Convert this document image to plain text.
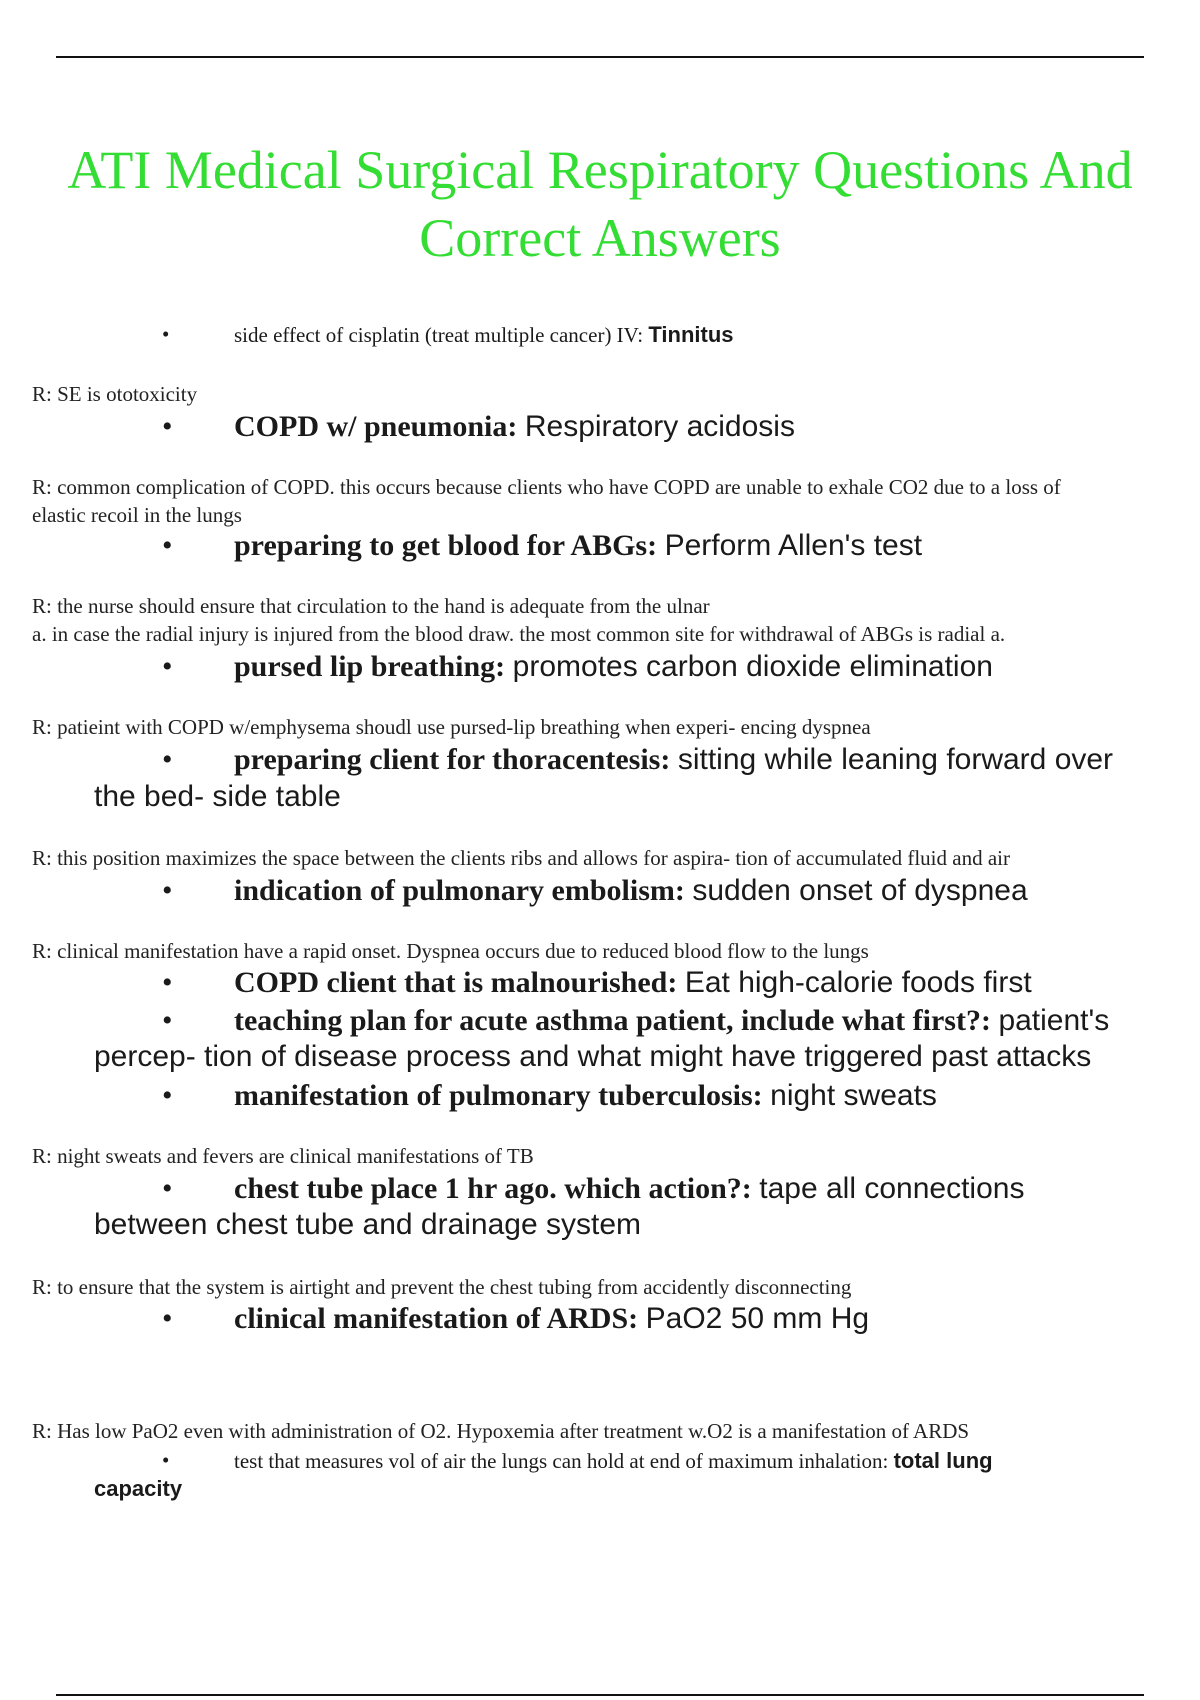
ATI Medical Surgical Respiratory Questions And
Correct Answers
•	side effect of cisplatin (treat multiple cancer) IV: Tinnitus
R: SE is ototoxicity
• COPD w/ pneumonia: Respiratory acidosis
R: common complication of COPD. this occurs because clients who have COPD are unable to exhale CO2 due to a loss of
elastic recoil in the lungs
• preparing to get blood for ABGs: Perform Allen's test
R: the nurse should ensure that circulation to the hand is adequate from the ulnar
a. in case the radial injury is injured from the blood draw. the most common site for withdrawal of ABGs is radial a.
• pursed lip breathing: promotes carbon dioxide elimination
R: patieint with COPD w/emphysema shoudl use pursed-lip breathing when experi- encing dyspnea
• preparing client for thoracentesis: sitting while leaning forward over
the bed- side table
R: this position maximizes the space between the clients ribs and allows for aspira- tion of accumulated fluid and air
• indication of pulmonary embolism: sudden onset of dyspnea
R: clinical manifestation have a rapid onset. Dyspnea occurs due to reduced blood flow to the lungs
• COPD client that is malnourished: Eat high-calorie foods first
• teaching plan for acute asthma patient, include what first?: patient's
percep- tion of disease process and what might have triggered past attacks
• manifestation of pulmonary tuberculosis: night sweats
R: night sweats and fevers are clinical manifestations of TB
• chest tube place 1 hr ago. which action?: tape all connections
between chest tube and drainage system
R: to ensure that the system is airtight and prevent the chest tubing from accidently disconnecting
• clinical manifestation of ARDS: PaO2 50 mm Hg
R: Has low PaO2 even with administration of O2. Hypoxemia after treatment w.O2 is a manifestation of ARDS
•	test that measures vol of air the lungs can hold at end of maximum inhalation: total lung
capacity
